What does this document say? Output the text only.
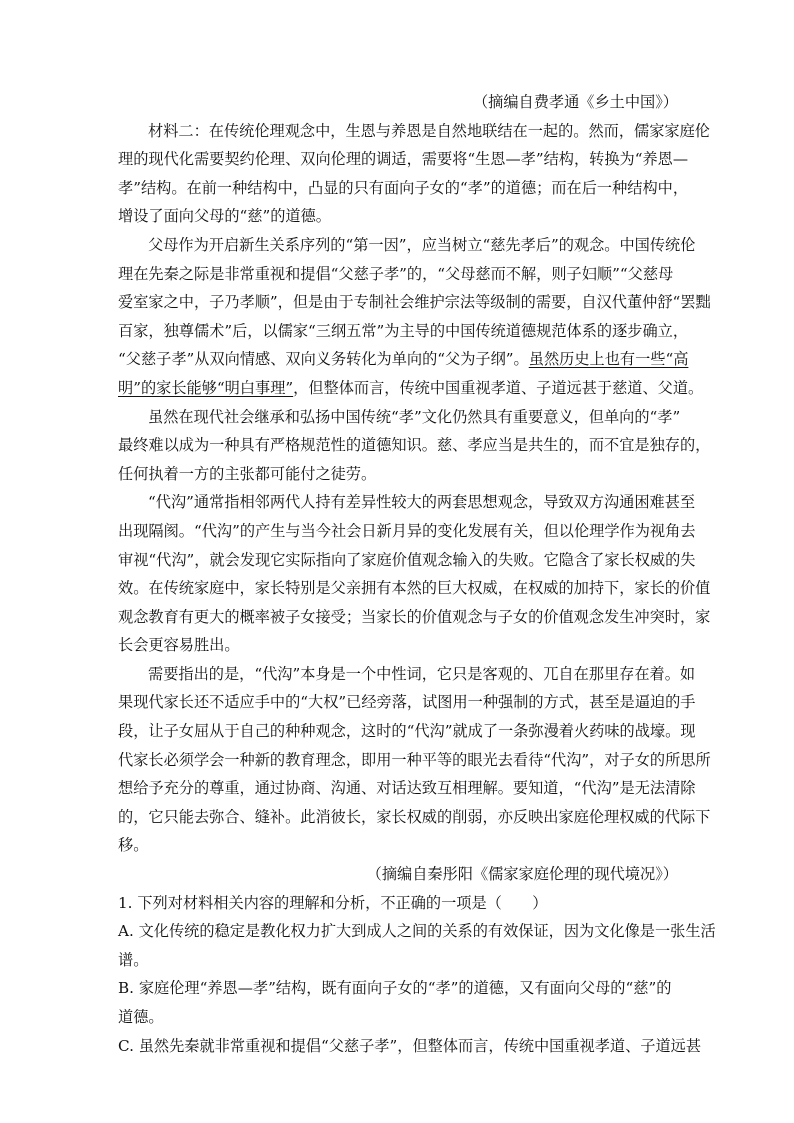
（摘编自费孝通《乡土中国》）
材料二：在传统伦理观念中，生恩与养恩是自然地联结在一起的。然而，儒家家庭伦
理的现代化需要契约伦理、双向伦理的调适，需要将“生恩—孝”结构，转换为“养恩—
孝”结构。在前一种结构中，凸显的只有面向子女的“孝”的道德；而在后一种结构中，
增设了面向父母的“慈”的道德。
父母作为开启新生关系序列的“第一因”，应当树立“慈先孝后”的观念。中国传统伦
理在先秦之际是非常重视和提倡“父慈子孝”的，“父母慈而不解，则子妇顺”“父慈母
爱室家之中，子乃孝顺”，但是由于专制社会维护宗法等级制的需要，自汉代董仲舒“罢黜
百家，独尊儒术”后，以儒家“三纲五常”为主导的中国传统道德规范体系的逐步确立，
“父慈子孝”从双向情感、双向义务转化为单向的“父为子纲”。虽然历史上也有一些“高
明”的家长能够“明白事理”，但整体而言，传统中国重视孝道、子道远甚于慈道、父道。
虽然在现代社会继承和弘扬中国传统“孝”文化仍然具有重要意义，但单向的“孝”
最终难以成为一种具有严格规范性的道德知识。慈、孝应当是共生的，而不宜是独存的，
任何执着一方的主张都可能付之徒劳。
“代沟”通常指相邻两代人持有差异性较大的两套思想观念，导致双方沟通困难甚至
出现隔阂。“代沟”的产生与当今社会日新月异的变化发展有关，但以伦理学作为视角去
审视“代沟”，就会发现它实际指向了家庭价值观念输入的失败。它隐含了家长权威的失
效。在传统家庭中，家长特别是父亲拥有本然的巨大权威，在权威的加持下，家长的价值
观念教育有更大的概率被子女接受；当家长的价值观念与子女的价值观念发生冲突时，家
长会更容易胜出。
需要指出的是，“代沟”本身是一个中性词，它只是客观的、兀自在那里存在着。如
果现代家长还不适应手中的“大权”已经旁落，试图用一种强制的方式，甚至是逼迫的手
段，让子女屈从于自己的种种观念，这时的“代沟”就成了一条弥漫着火药味的战壕。现
代家长必须学会一种新的教育理念，即用一种平等的眼光去看待“代沟”，对子女的所思所
想给予充分的尊重，通过协商、沟通、对话达致互相理解。要知道，“代沟”是无法清除
的，它只能去弥合、缝补。此消彼长，家长权威的削弱，亦反映出家庭伦理权威的代际下
移。
（摘编自秦彤阳《儒家家庭伦理的现代境况》）
1. 下列对材料相关内容的理解和分析，不正确的一项是（　　）
A. 文化传统的稳定是教化权力扩大到成人之间的关系的有效保证，因为文化像是一张生活
谱。
B. 家庭伦理“养恩—孝”结构，既有面向子女的“孝”的道德，又有面向父母的“慈”的
道德。
C. 虽然先秦就非常重视和提倡“父慈子孝”，但整体而言，传统中国重视孝道、子道远甚
